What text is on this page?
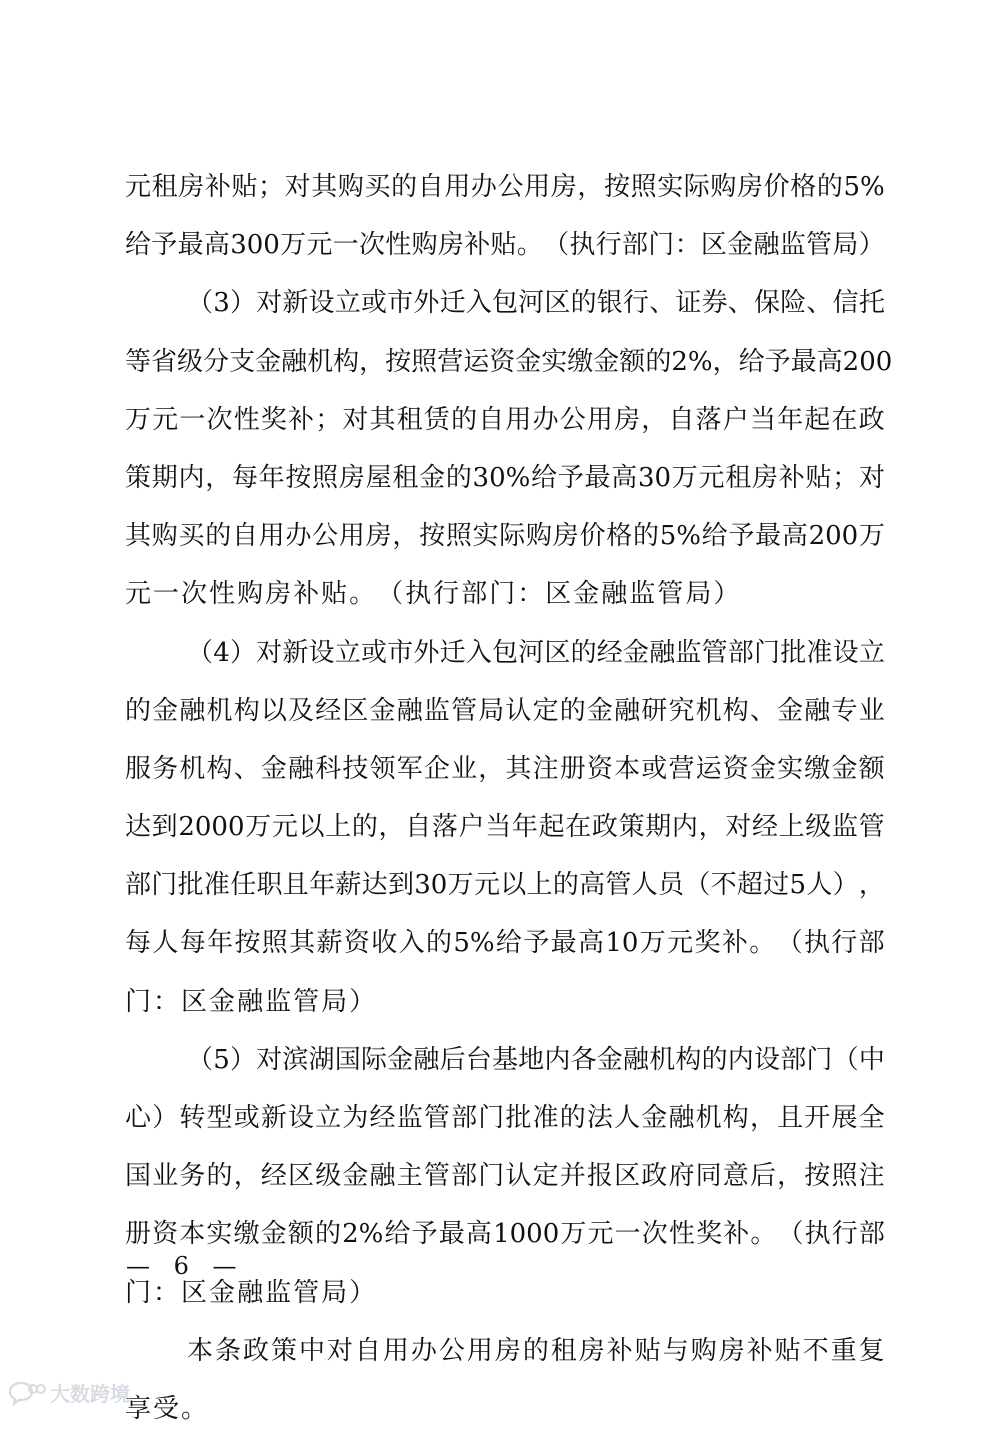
元 租 房 补 贴 ； 对 其 购 买 的 自 用 办 公 用 房 ， 按 照 实 际 购 房 价 格 的 5%
给 予 最 高 300 万 元 一 次 性 购 房 补 贴 。 （ 执 行 部 门 ： 区 金 融 监 管 局 ）
（ 3 ） 对 新 设 立 或 市 外 迁 入 包 河 区 的 银 行 、 证 券 、 保 险 、 信 托
等 省 级 分 支 金 融 机 构 ， 按 照 营 运 资 金 实 缴 金 额 的 2% ， 给 予 最 高 200
万 元 一 次 性 奖 补 ； 对 其 租 赁 的 自 用 办 公 用 房 ， 自 落 户 当 年 起 在 政
策 期 内 ， 每 年 按 照 房 屋 租 金 的 30% 给 予 最 高 30 万 元 租 房 补 贴 ； 对
其 购 买 的 自 用 办 公 用 房 ， 按 照 实 际 购 房 价 格 的 5% 给 予 最 高 200 万
元 一 次 性 购 房 补 贴 。 （ 执 行 部 门 ： 区 金 融 监 管 局 ）
（ 4 ） 对 新 设 立 或 市 外 迁 入 包 河 区 的 经 金 融 监 管 部 门 批 准 设 立
的 金 融 机 构 以 及 经 区 金 融 监 管 局 认 定 的 金 融 研 究 机 构 、 金 融 专 业
服 务 机 构 、 金 融 科 技 领 军 企 业 ， 其 注 册 资 本 或 营 运 资 金 实 缴 金 额
达 到 2000 万 元 以 上 的 ， 自 落 户 当 年 起 在 政 策 期 内 ， 对 经 上 级 监 管
部 门 批 准 任 职 且 年 薪 达 到 30 万 元 以 上 的 高 管 人 员 （ 不 超 过 5 人 ） ，
每 人 每 年 按 照 其 薪 资 收 入 的 5% 给 予 最 高 10 万 元 奖 补 。 （ 执 行 部
门 ： 区 金 融 监 管 局 ）
（ 5 ） 对 滨 湖 国 际 金 融 后 台 基 地 内 各 金 融 机 构 的 内 设 部 门 （ 中
心 ） 转 型 或 新 设 立 为 经 监 管 部 门 批 准 的 法 人 金 融 机 构 ， 且 开 展 全
国 业 务 的 ， 经 区 级 金 融 主 管 部 门 认 定 并 报 区 政 府 同 意 后 ， 按 照 注
册 资 本 实 缴 金 额 的 2% 给 予 最 高 1000 万 元 一 次 性 奖 补 。 （ 执 行 部
门 ： 区 金 融 监 管 局 ）
本 条 政 策 中 对 自 用 办 公 用 房 的 租 房 补 贴 与 购 房 补 贴 不 重 复
享 受 。
— 6 —
大数跨境
